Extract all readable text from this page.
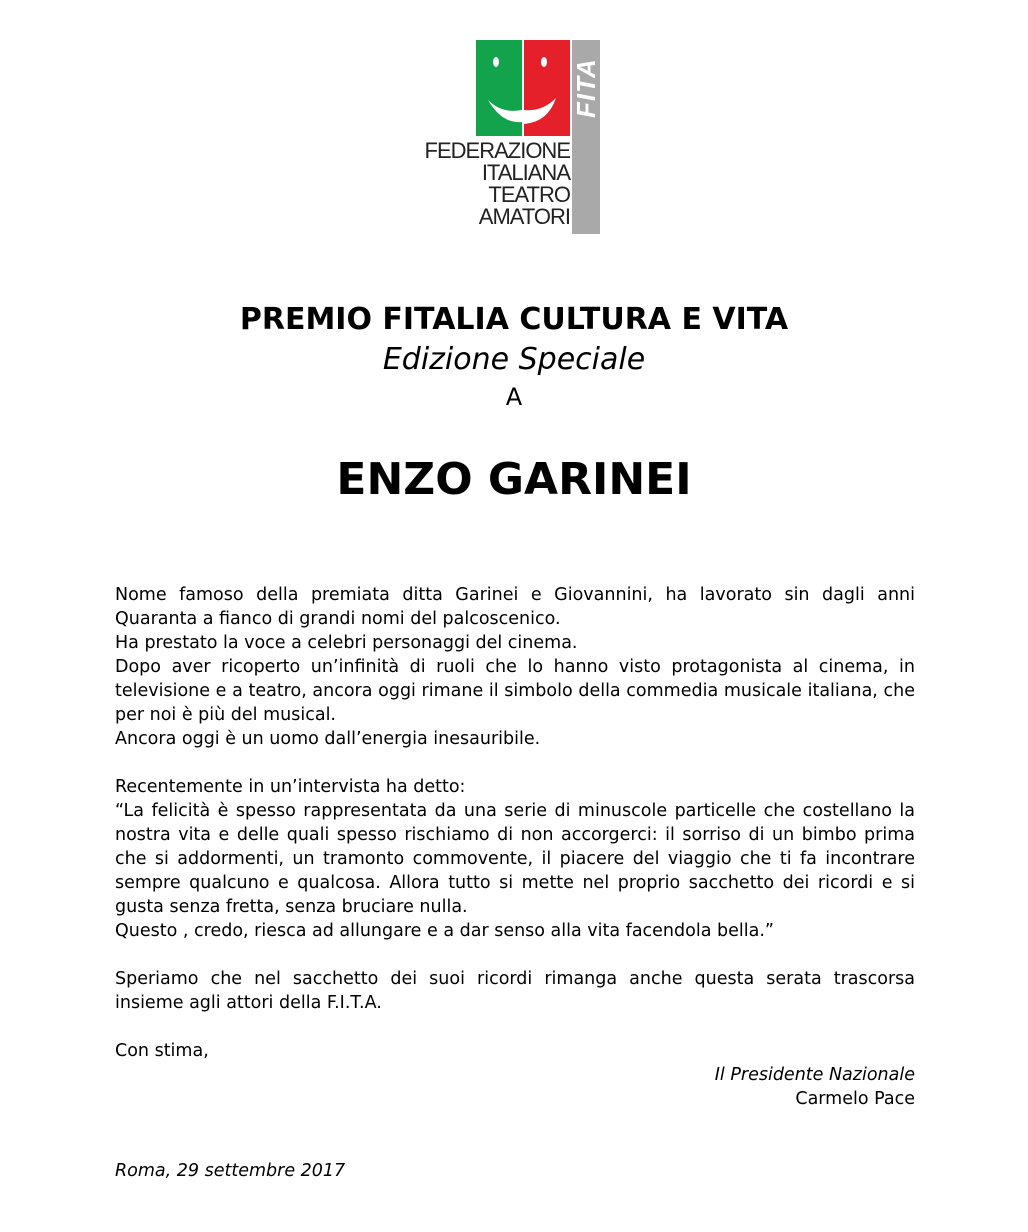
FITA
FEDERAZIONE
ITALIANA
TEATRO
AMATORI
PREMIO FITALIA CULTURA E VITA
Edizione Speciale
A
ENZO GARINEI

Nome famoso della premiata ditta Garinei e Giovannini, ha lavorato sin dagli anni Quaranta a fianco di grandi nomi del palcoscenico.

Ha prestato la voce a celebri personaggi del cinema.

Dopo aver ricoperto un’infinità di ruoli che lo hanno visto protagonista al cinema, in televisione e a teatro, ancora oggi rimane il simbolo della commedia musicale italiana, che per noi è più del musical.

Ancora oggi è un uomo dall’energia inesauribile.

Recentemente in un’intervista ha detto:

“La felicità è spesso rappresentata da una serie di minuscole particelle che costellano la nostra vita e delle quali spesso rischiamo di non accorgerci: il sorriso di un bimbo prima che si addormenti, un tramonto commovente, il piacere del viaggio che ti fa incontrare sempre qualcuno e qualcosa. Allora tutto si mette nel proprio sacchetto dei ricordi e si gusta senza fretta, senza bruciare nulla.

Questo , credo, riesca ad allungare e a dar senso alla vita facendola bella.”

Speriamo che nel sacchetto dei suoi ricordi rimanga anche questa serata trascorsa insieme agli attori della F.I.T.A.

Con stima,

Il Presidente Nazionale
Carmelo Pace
Roma, 29 settembre 2017
